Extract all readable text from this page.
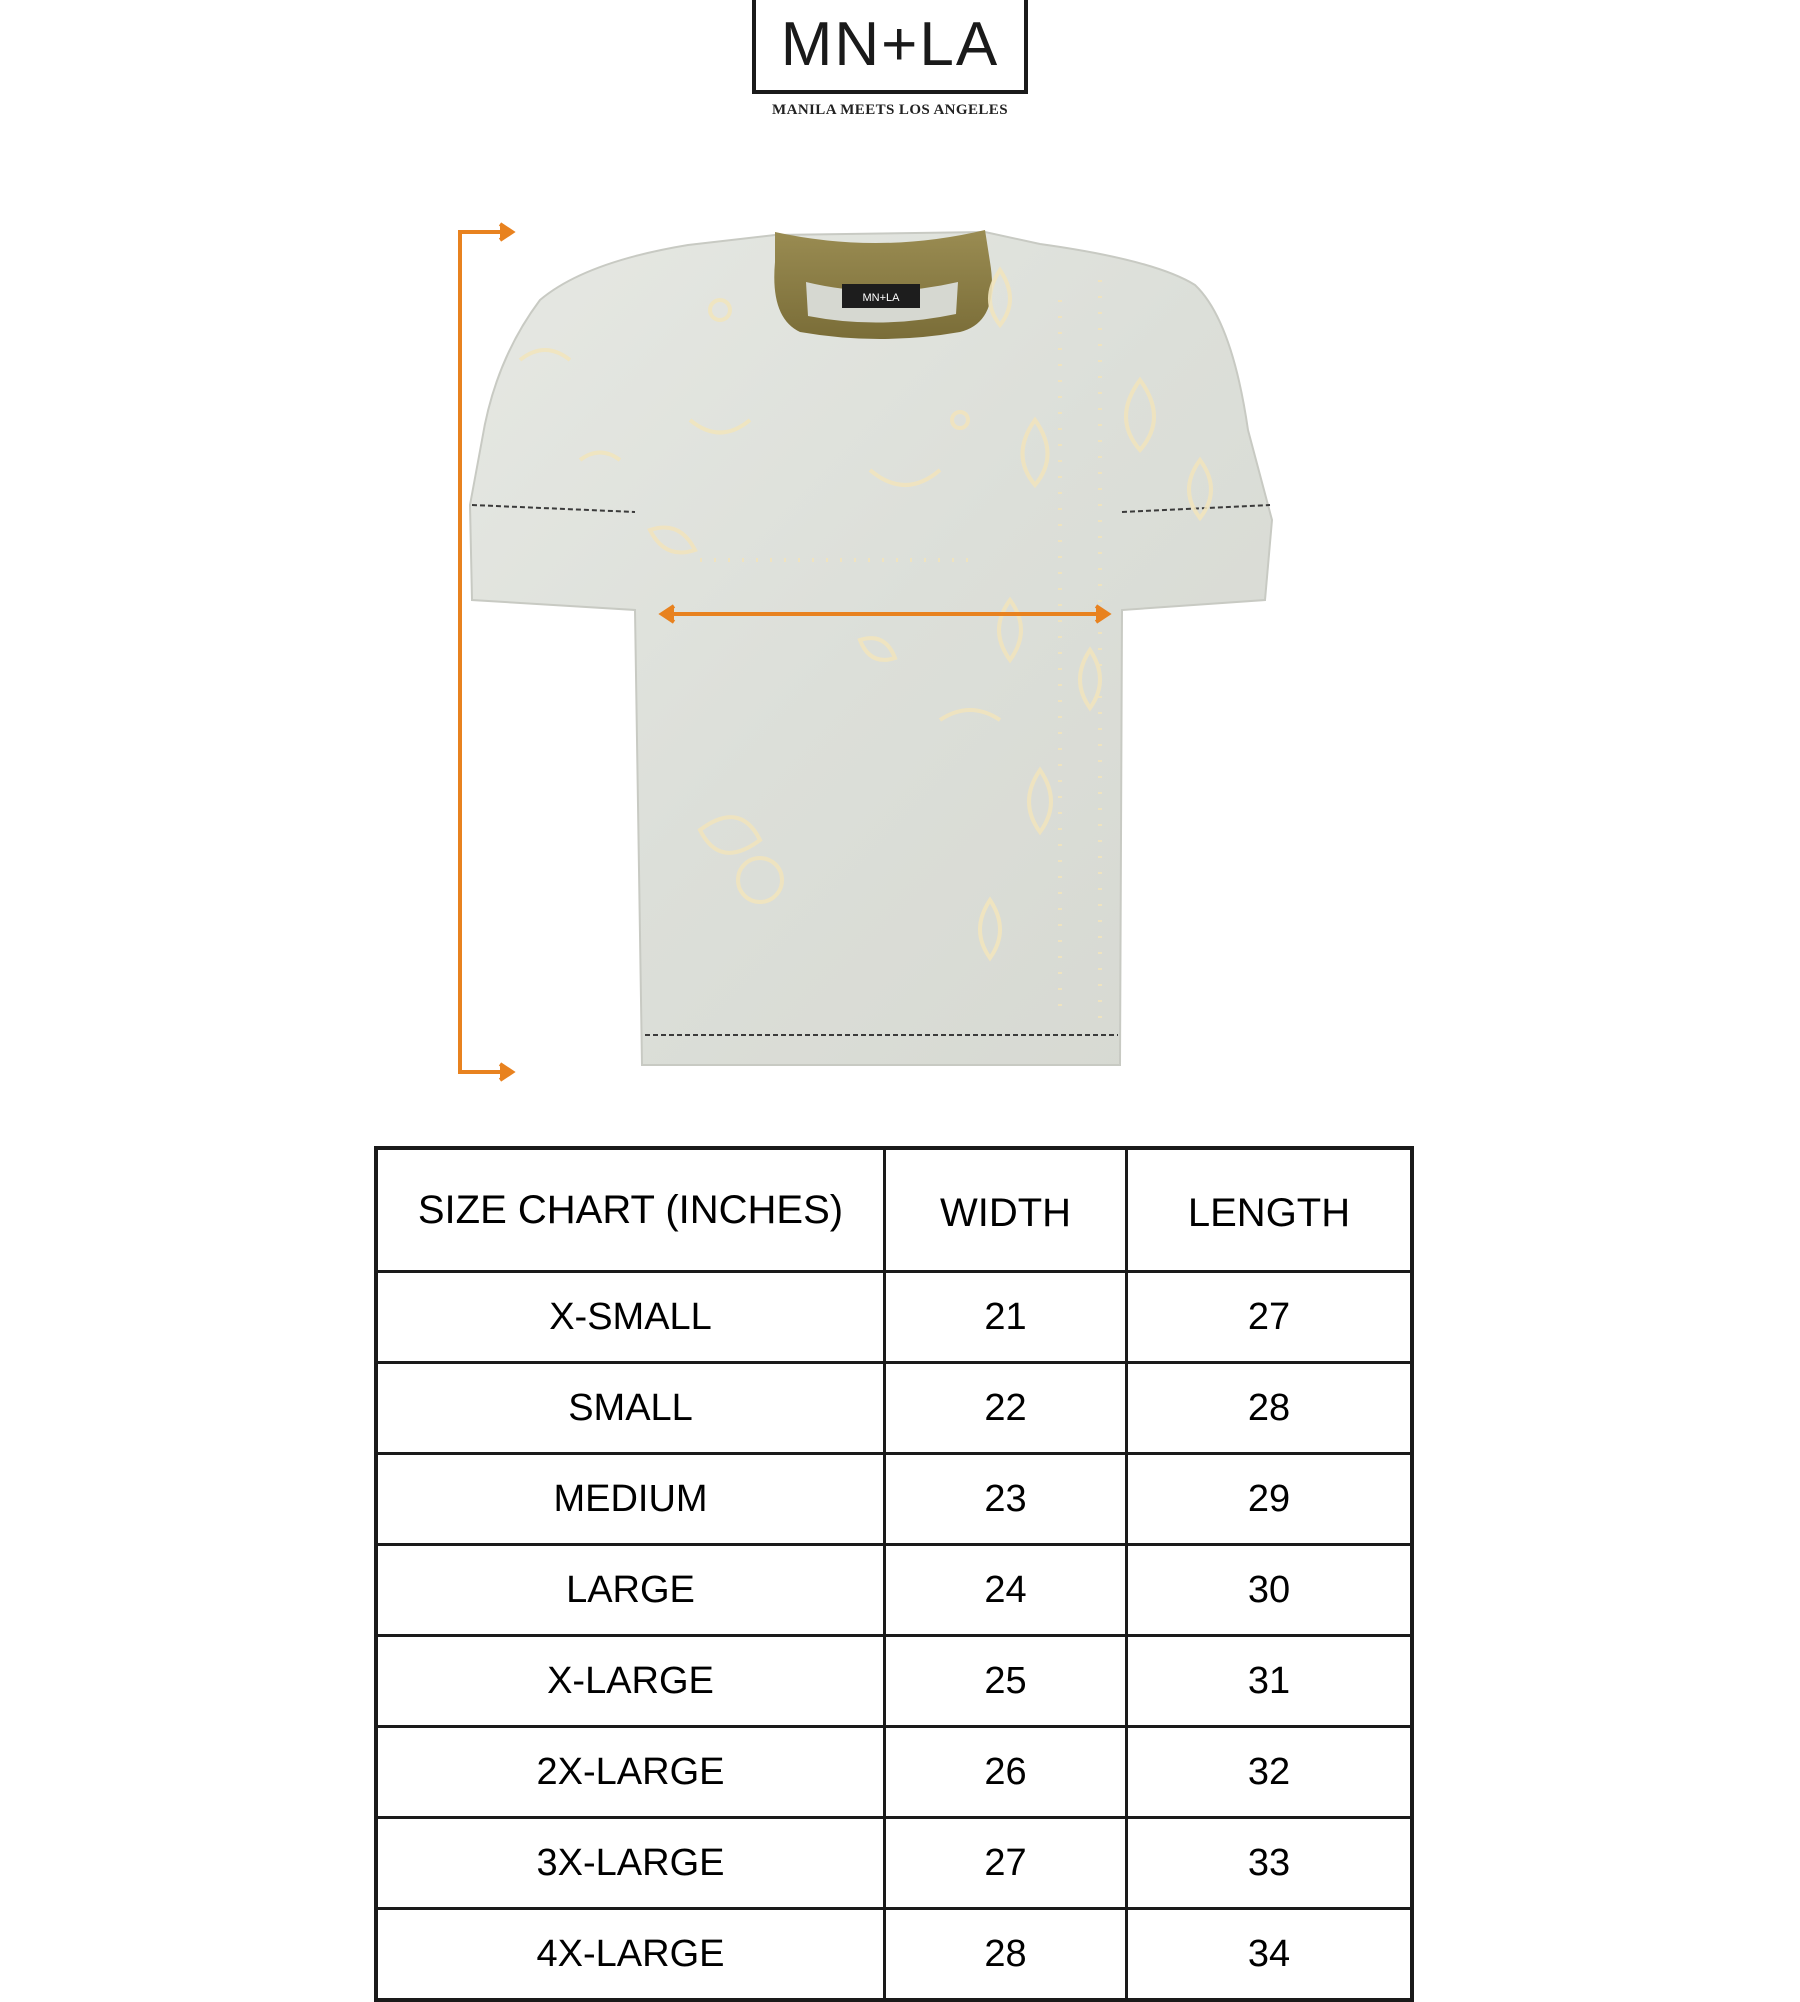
MN+LA
MANILA MEETS LOS ANGELES
MN+LA
SIZE CHART (INCHES)	WIDTH	LENGTH
X-SMALL	21	27
SMALL	22	28
MEDIUM	23	29
LARGE	24	30
X-LARGE	25	31
2X-LARGE	26	32
3X-LARGE	27	33
4X-LARGE	28	34
